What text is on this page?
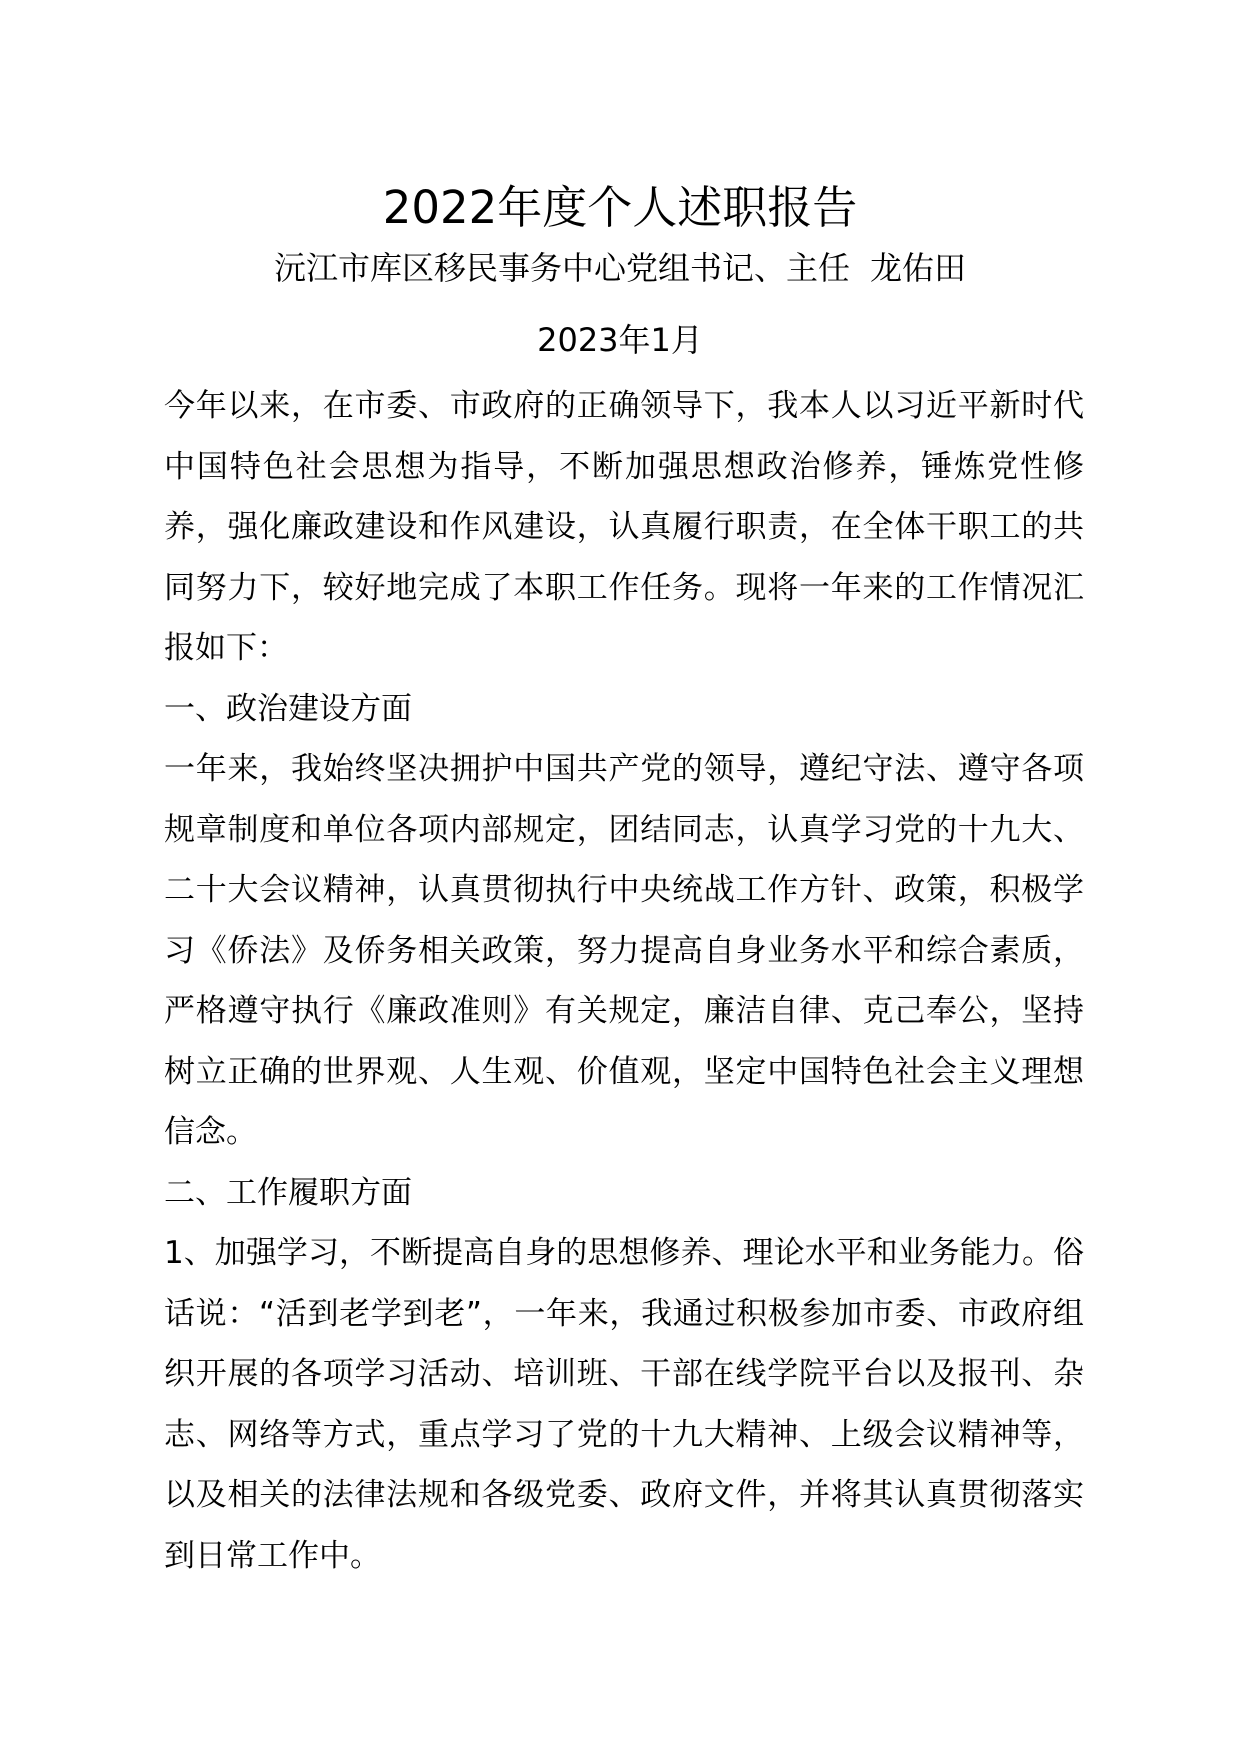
2022年度个人述职报告
沅江市库区移民事务中心党组书记、主任 龙佑田
2023年1月

今年以来，在市委、市政府的正确领导下，我本人以习近平新时代中国特色社会思想为指导，不断加强思想政治修养，锤炼党性修养，强化廉政建设和作风建设，认真履行职责，在全体干职工的共同努力下，较好地完成了本职工作任务。现将一年来的工作情况汇报如下：

一、政治建设方面

一年来，我始终坚决拥护中国共产党的领导，遵纪守法、遵守各项规章制度和单位各项内部规定，团结同志，认真学习党的十九大、二十大会议精神，认真贯彻执行中央统战工作方针、政策，积极学习《侨法》及侨务相关政策，努力提高自身业务水平和综合素质，严格遵守执行《廉政准则》有关规定，廉洁自律、克己奉公，坚持树立正确的世界观、人生观、价值观，坚定中国特色社会主义理想信念。

二、工作履职方面

1、加强学习，不断提高自身的思想修养、理论水平和业务能力。俗话说：“活到老学到老”，一年来，我通过积极参加市委、市政府组织开展的各项学习活动、培训班、干部在线学院平台以及报刊、杂志、网络等方式，重点学习了党的十九大精神、上级会议精神等，以及相关的法律法规和各级党委、政府文件，并将其认真贯彻落实到日常工作中。
